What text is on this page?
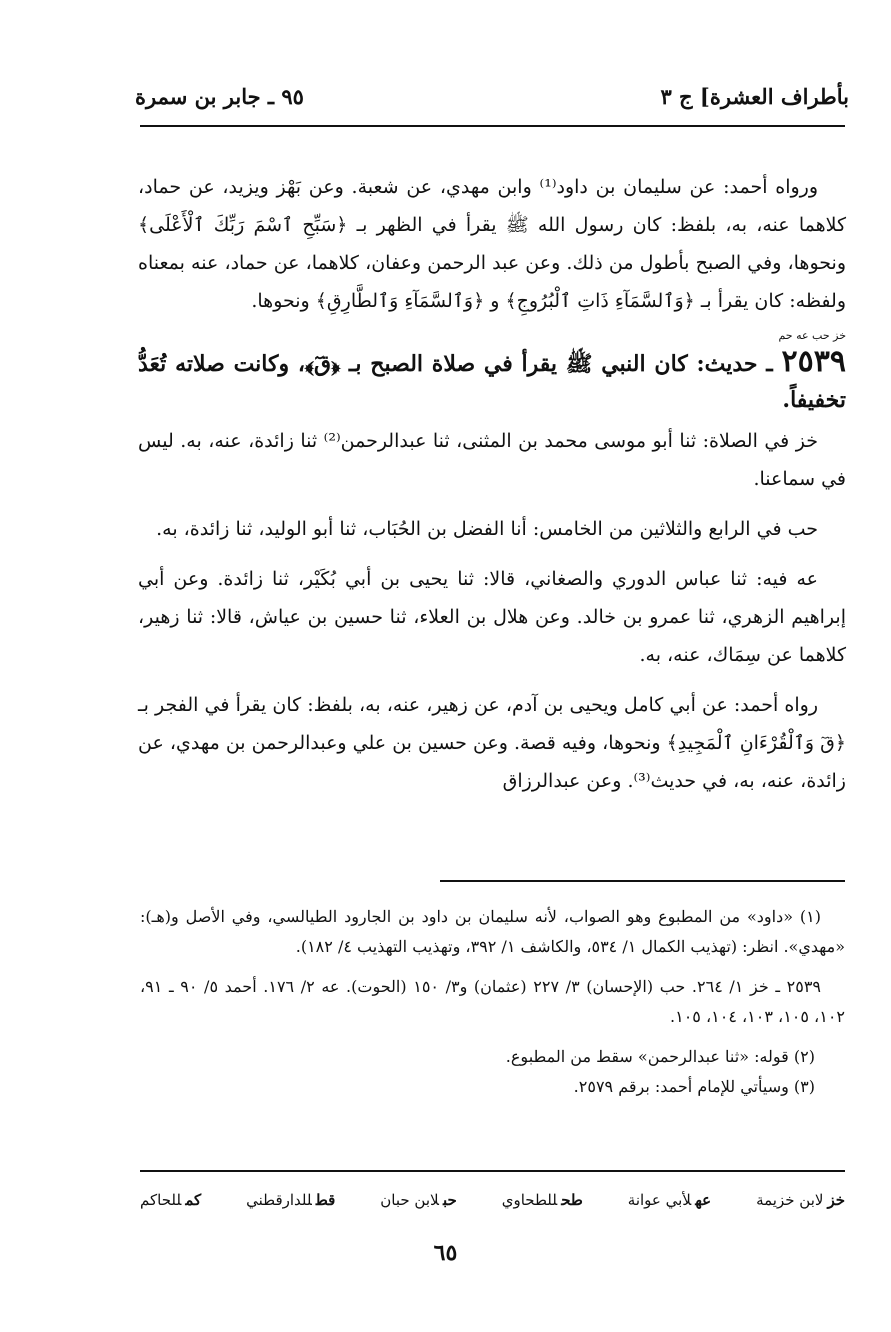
بأطراف العشرة] ج ٣
٩٥ ـ جابر بن سمرة

ورواه أحمد: عن سليمان بن داود⁽¹⁾ وابن مهدي، عن شعبة. وعن بَهْز ويزيد، عن حماد، كلاهما عنه، به، بلفظ: كان رسول الله ﷺ يقرأ في الظهر بـ ﴿سَبِّحِ ٱسْمَ رَبِّكَ ٱلْأَعْلَى﴾ ونحوها، وفي الصبح بأطول من ذلك. وعن عبد الرحمن وعفان، كلاهما، عن حماد، عنه بمعناه ولفظه: كان يقرأ بـ ﴿وَٱلسَّمَآءِ ذَاتِ ٱلْبُرُوجِ﴾ و ﴿وَٱلسَّمَآءِ وَٱلطَّارِقِ﴾ ونحوها.

خز حب عه حم

٢٥٣٩ ـ حديث: كان النبي ﷺ يقرأ في صلاة الصبح بـ ﴿قٓ﴾، وكانت صلاته تُعَدُّ تخفيفاً.

خز في الصلاة: ثنا أبو موسى محمد بن المثنى، ثنا عبدالرحمن⁽²⁾ ثنا زائدة، عنه، به. ليس في سماعنا.

حب في الرابع والثلاثين من الخامس: أنا الفضل بن الحُبَاب، ثنا أبو الوليد، ثنا زائدة، به.

عه فيه: ثنا عباس الدوري والصغاني، قالا: ثنا يحيى بن أبي بُكَيْر، ثنا زائدة. وعن أبي إبراهيم الزهري، ثنا عمرو بن خالد. وعن هلال بن العلاء، ثنا حسين بن عياش، قالا: ثنا زهير، كلاهما عن سِمَاك، عنه، به.

رواه أحمد: عن أبي كامل ويحيى بن آدم، عن زهير، عنه، به، بلفظ: كان يقرأ في الفجر بـ ﴿قٓ وَٱلْقُرْءَانِ ٱلْمَجِيدِ﴾ ونحوها، وفيه قصة. وعن حسين بن علي وعبدالرحمن بن مهدي، عن زائدة، عنه، به، في حديث⁽³⁾. وعن عبدالرزاق

(١) «داود» من المطبوع وهو الصواب، لأنه سليمان بن داود بن الجارود الطيالسي، وفي الأصل و(هـ): «مهدي». انظر: (تهذيب الكمال ١/ ٥٣٤، والكاشف ١/ ٣٩٢، وتهذيب التهذيب ٤/ ١٨٢).

٢٥٣٩ ـ خز ١/ ٢٦٤. حب (الإحسان) ٣/ ٢٢٧ (عثمان) و٣/ ١٥٠ (الحوت). عه ٢/ ١٧٦. أحمد ٥/ ٩٠ ـ ٩١، ١٠٢، ١٠٥، ١٠٣، ١٠٤، ١٠٥.

(٢) قوله: «ثنا عبدالرحمن» سقط من المطبوع.

(٣) وسيأتي للإمام أحمد: برقم ٢٥٧٩.

خزلابن خزيمة
عهلأبي عوانة
طحللطحاوي
حبلابن حبان
قطللدارقطني
كمللحاكم
٦٥
